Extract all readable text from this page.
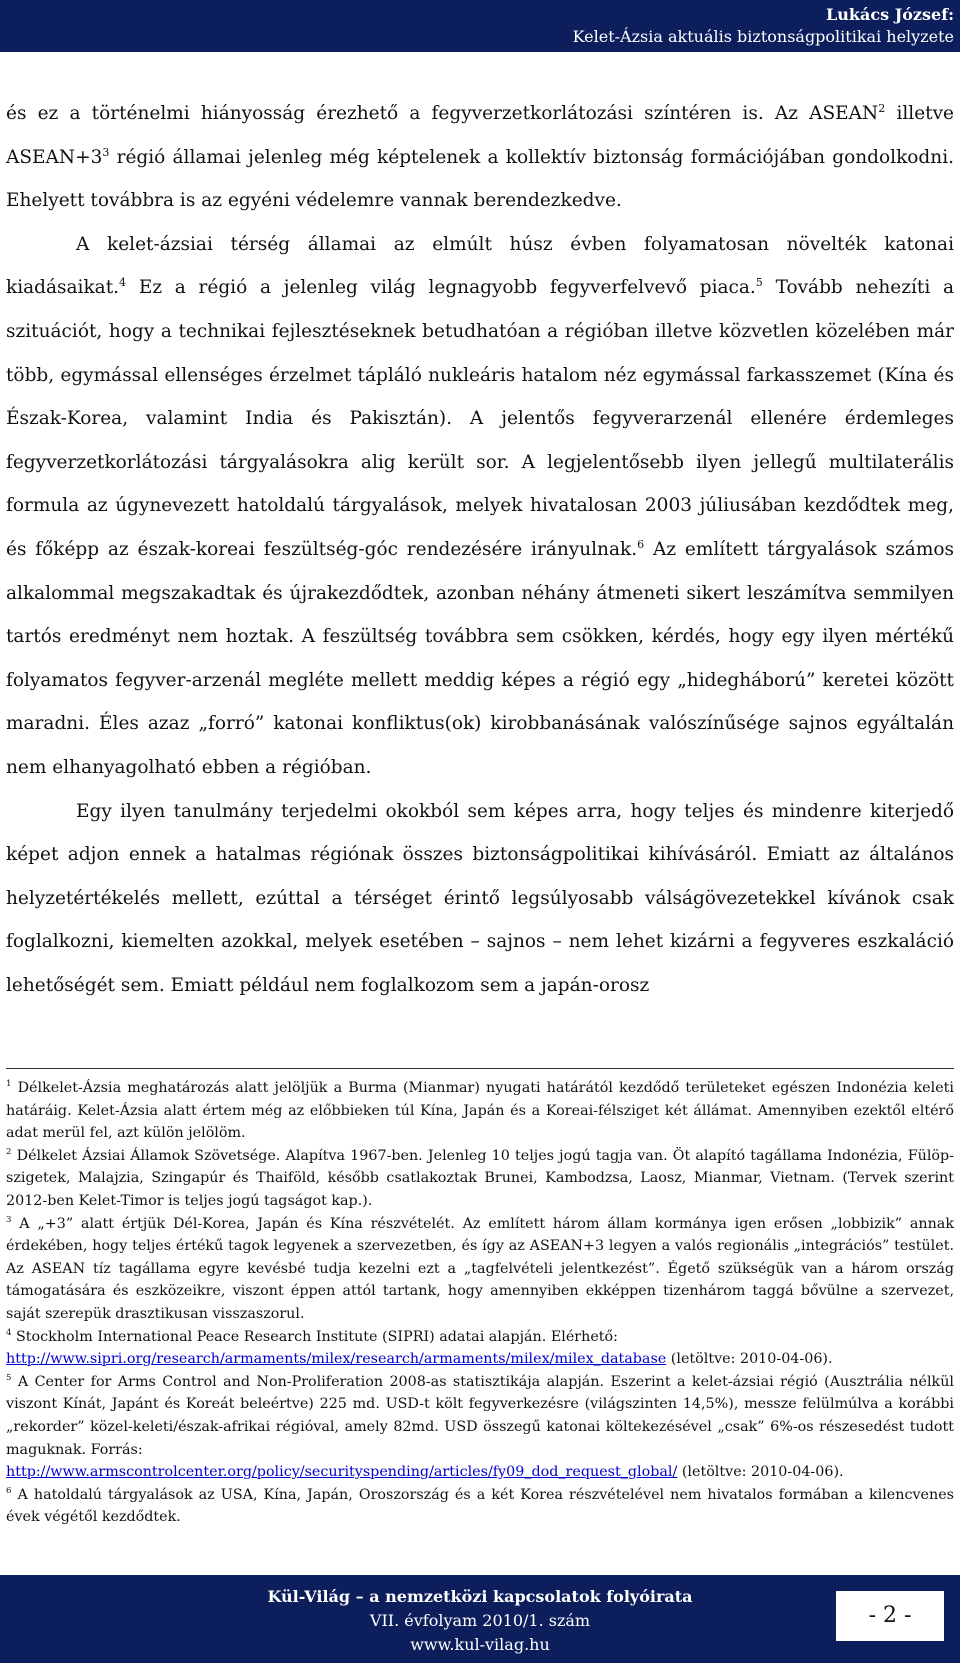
Lukács József:
Kelet-Ázsia aktuális biztonságpolitikai helyzete

és ez a történelmi hiányosság érezhető a fegyverzetkorlátozási színtéren is. Az ASEAN$^2$ illetve $ASEAN+3^3$ régió államai jelenleg még képtelenek a kollektív biztonság formációjában gondolkodni. Ehelyett továbbra is az egyéni védelemre vannak berendezkedve.

A kelet-ázsiai térség államai az elmúlt húsz évben folyamatosan növelték katonai kiadásaikat.$^4$ Ez a régió a jelenleg világ legnagyobb fegyverfelvevő piaca.$^5$ Tovább nehezíti a szituációt, hogy a technikai fejlesztéseknek betudhatóan a régióban illetve közvetlen közelében már több, egymással ellenséges érzelmet tápláló nukleáris hatalom néz egymással farkasszemet (Kína és Észak-Korea, valamint India és Pakisztán). A jelentős fegyverarzenál ellenére érdemleges fegyverzetkorlátozási tárgyalásokra alig került sor. A legjelentősebb ilyen jellegű multilaterális formula az úgynevezett hatoldalú tárgyalások, melyek hivatalosan 2003 júliusában kezdődtek meg, és főképp az észak-koreai feszültség-góc rendezésére irányulnak.$^6$ Az említett tárgyalások számos alkalommal megszakadtak és újrakezdődtek, azonban néhány átmeneti sikert leszámítva semmilyen tartós eredményt nem hoztak. A feszültség továbbra sem csökken, kérdés, hogy egy ilyen mértékű folyamatos fegyver-arzenál megléte mellett meddig képes a régió egy „hidegháború” keretei között maradni. Éles azaz „forró” katonai konfliktus(ok) kirobbanásának valószínűsége sajnos egyáltalán nem elhanyagolható ebben a régióban.

Egy ilyen tanulmány terjedelmi okokból sem képes arra, hogy teljes és mindenre kiterjedő képet adjon ennek a hatalmas régiónak összes biztonságpolitikai kihívásáról. Emiatt az általános helyzetértékelés mellett, ezúttal a térséget érintő legsúlyosabb válságövezetekkel kívánok csak foglalkozni, kiemelten azokkal, melyek esetében – sajnos – nem lehet kizárni a fegyveres eszkaláció lehetőségét sem. Emiatt például nem foglalkozom sem a japán-orosz

$^1$ Délkelet-Ázsia meghatározás alatt jelöljük a Burma (Mianmar) nyugati határától kezdődő területeket egészen Indonézia keleti határáig. Kelet-Ázsia alatt értem még az előbbieken túl Kína, Japán és a Koreai-félsziget két állámat. Amennyiben ezektől eltérő adat merül fel, azt külön jelölöm.

$^2$ Délkelet Ázsiai Államok Szövetsége. Alapítva 1967-ben. Jelenleg 10 teljes jogú tagja van. Öt alapító tagállama Indonézia, Fülöp-szigetek, Malajzia, Szingapúr és Thaiföld, később csatlakoztak Brunei, Kambodzsa, Laosz, Mianmar, Vietnam. (Tervek szerint 2012-ben Kelet-Timor is teljes jogú tagságot kap.).

$^3$ A „+3” alatt értjük Dél-Korea, Japán és Kína részvételét. Az említett három állam kormánya igen erősen „lobbizik” annak érdekében, hogy teljes értékű tagok legyenek a szervezetben, és így az ASEAN+3 legyen a valós regionális „integrációs” testület. Az ASEAN tíz tagállama egyre kevésbé tudja kezelni ezt a „tagfelvételi jelentkezést”. Égető szükségük van a három ország támogatására és eszközeikre, viszont éppen attól tartank, hogy amennyiben ekképpen tizenhárom taggá bővülne a szervezet, saját szerepük drasztikusan visszaszorul.

$^4$ Stockholm International Peace Research Institute (SIPRI) adatai alapján. Elérhető:
http://www.sipri.org/research/armaments/milex/research/armaments/milex/milex_database (letöltve: 2010-04-06).

$^5$ A Center for Arms Control and Non-Proliferation 2008-as statisztikája alapján. Eszerint a kelet-ázsiai régió (Ausztrália nélkül viszont Kínát, Japánt és Koreát beleértve) 225 md. USD-t költ fegyverkezésre (világszinten 14,5%), messze felülmúlva a korábbi „rekorder” közel-keleti/észak-afrikai régióval, amely 82md. USD összegű katonai költekezésével „csak” 6%-os részesedést tudott maguknak. Forrás:
http://www.armscontrolcenter.org/policy/securityspending/articles/fy09_dod_request_global/ (letöltve: 2010-04-06).

$^6$ A hatoldalú tárgyalások az USA, Kína, Japán, Oroszország és a két Korea részvételével nem hivatalos formában a kilencvenes évek végétől kezdődtek.

Kül-Világ – a nemzetközi kapcsolatok folyóirata
VII. évfolyam 2010/1. szám
www.kul-vilag.hu
- 2 -
